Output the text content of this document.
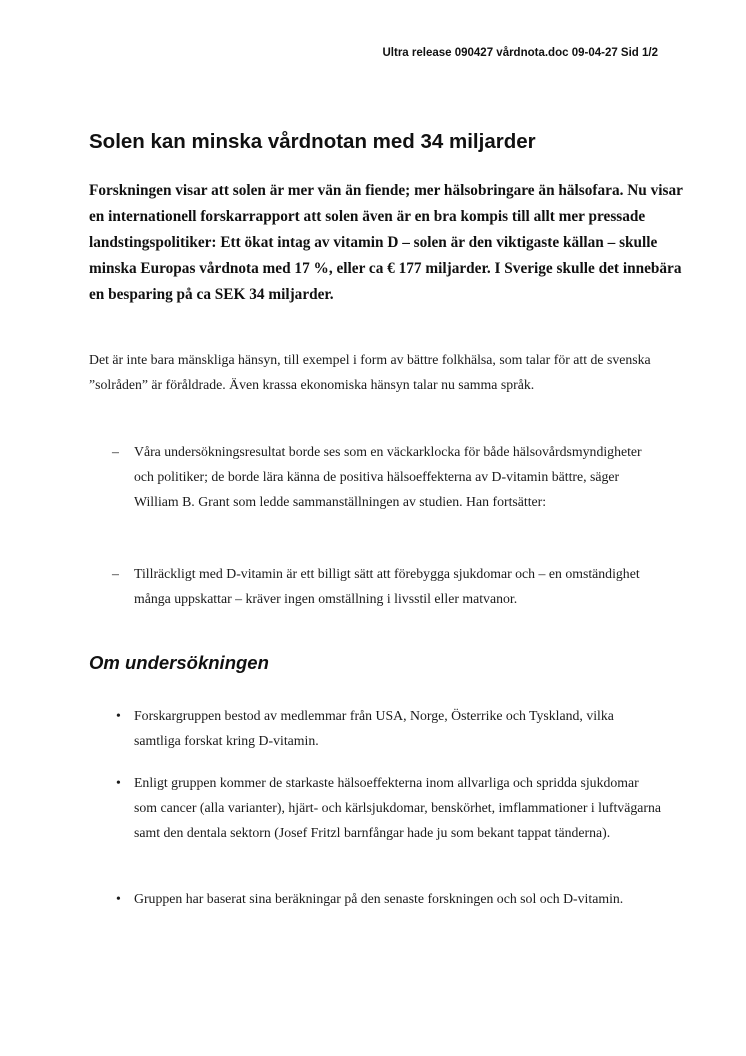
Ultra release 090427 vårdnota.doc 09-04-27 Sid 1/2
Solen kan minska vårdnotan med 34 miljarder

Forskningen visar att solen är mer vän än fiende; mer hälsobringare än hälsofara. Nu visar en internationell forskarrapport att solen även är en bra kompis till allt mer pressade landstingspolitiker: Ett ökat intag av vitamin D – solen är den viktigaste källan – skulle minska Europas vårdnota med 17 %, eller ca € 177 miljarder. I Sverige skulle det innebära en besparing på ca SEK 34 miljarder.

Det är inte bara mänskliga hänsyn, till exempel i form av bättre folkhälsa, som talar för att de svenska ”solråden” är föråldrade. Även krassa ekonomiska hänsyn talar nu samma språk.

– Våra undersökningsresultat borde ses som en väckarklocka för både hälsovårdsmyndigheter och politiker; de borde lära känna de positiva hälsoeffekterna av D-vitamin bättre, säger William B. Grant som ledde sammanställningen av studien. Han fortsätter:

– Tillräckligt med D-vitamin är ett billigt sätt att förebygga sjukdomar och – en omständighet många uppskattar – kräver ingen omställning i livsstil eller matvanor.

Om undersökningen
• Forskargruppen bestod av medlemmar från USA, Norge, Österrike och Tyskland, vilka samtliga forskat kring D-vitamin.

• Enligt gruppen kommer de starkaste hälsoeffekterna inom allvarliga och spridda sjukdomar som cancer (alla varianter), hjärt- och kärlsjukdomar, benskörhet, imflammationer i luftvägarna samt den dentala sektorn (Josef Fritzl barnfångar hade ju som bekant tappat tänderna).

• Gruppen har baserat sina beräkningar på den senaste forskningen och sol och D-vitamin.
